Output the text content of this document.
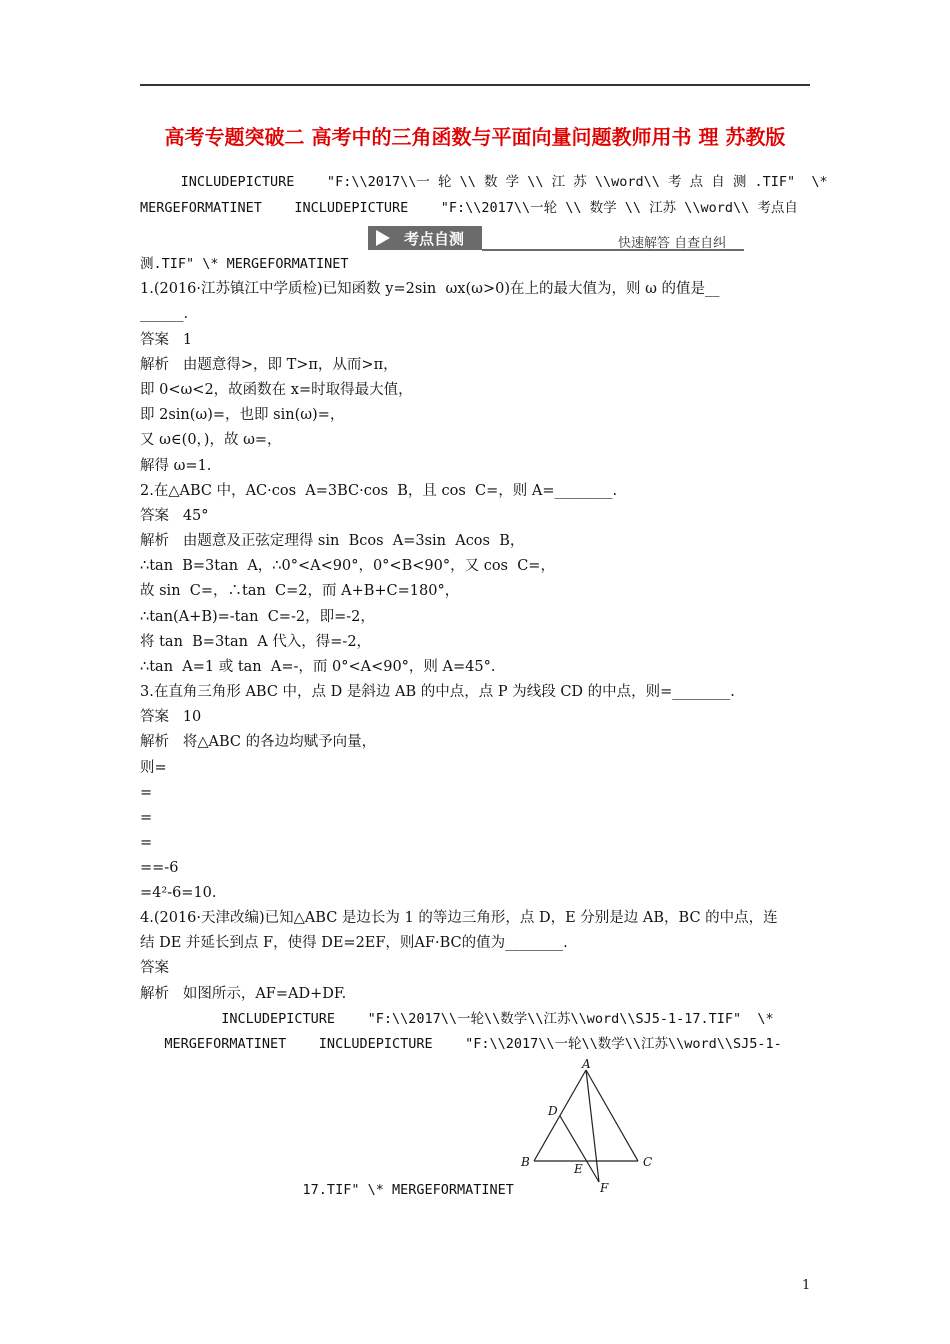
高考专题突破二 高考中的三角函数与平面向量问题教师用书 理 苏教版
INCLUDEPICTURE    "F:\\2017\\一 轮 \\ 数 学 \\ 江 苏 \\word\\ 考 点 自 测 .TIF"  \*
MERGEFORMATINET    INCLUDEPICTURE    "F:\\2017\\一轮 \\ 数学 \\ 江苏 \\word\\ 考点自
测.TIF" \* MERGEFORMATINET
1.(2016·江苏镇江中学质检)已知函数 y=2sin  ωx(ω>0)在上的最大值为，则 ω 的值是__
______.
答案   1
解析   由题意得>，即 T>π，从而>π，
即 0<ω<2，故函数在 x=时取得最大值，
即 2sin(ω)=，也即 sin(ω)=，
又 ω∈(0，)，故 ω=，
解得 ω=1.
2.在△ABC 中，AC·cos  A=3BC·cos  B，且 cos  C=，则 A=________.
答案   45°
解析   由题意及正弦定理得 sin  Bcos  A=3sin  Acos  B，
∴tan  B=3tan  A，∴0°<A<90°，0°<B<90°，又 cos  C=，
故 sin  C=，∴tan  C=2，而 A+B+C=180°，
∴tan(A+B)=-tan  C=-2，即=-2，
将 tan  B=3tan  A 代入，得=-2，
∴tan  A=1 或 tan  A=-，而 0°<A<90°，则 A=45°.
3.在直角三角形 ABC 中，点 D 是斜边 AB 的中点，点 P 为线段 CD 的中点，则=________.
答案   10
解析   将△ABC 的各边均赋予向量，
则=
=
=
=
==-6
=4²-6=10.
4.(2016·天津改编)已知△ABC 是边长为 1 的等边三角形，点 D，E 分别是边 AB，BC 的中点，连
结 DE 并延长到点 F，使得 DE=2EF，则AF·BC的值为________.
答案
解析   如图所示，AF=AD+DF.
INCLUDEPICTURE    "F:\\2017\\一轮\\数学\\江苏\\word\\SJ5-1-17.TIF"  \*
MERGEFORMATINET    INCLUDEPICTURE    "F:\\2017\\一轮\\数学\\江苏\\word\\SJ5-1-
17.TIF" \* MERGEFORMATINET
考点自测	快速解答 自查自纠
A
B	C
D
E
F
1
